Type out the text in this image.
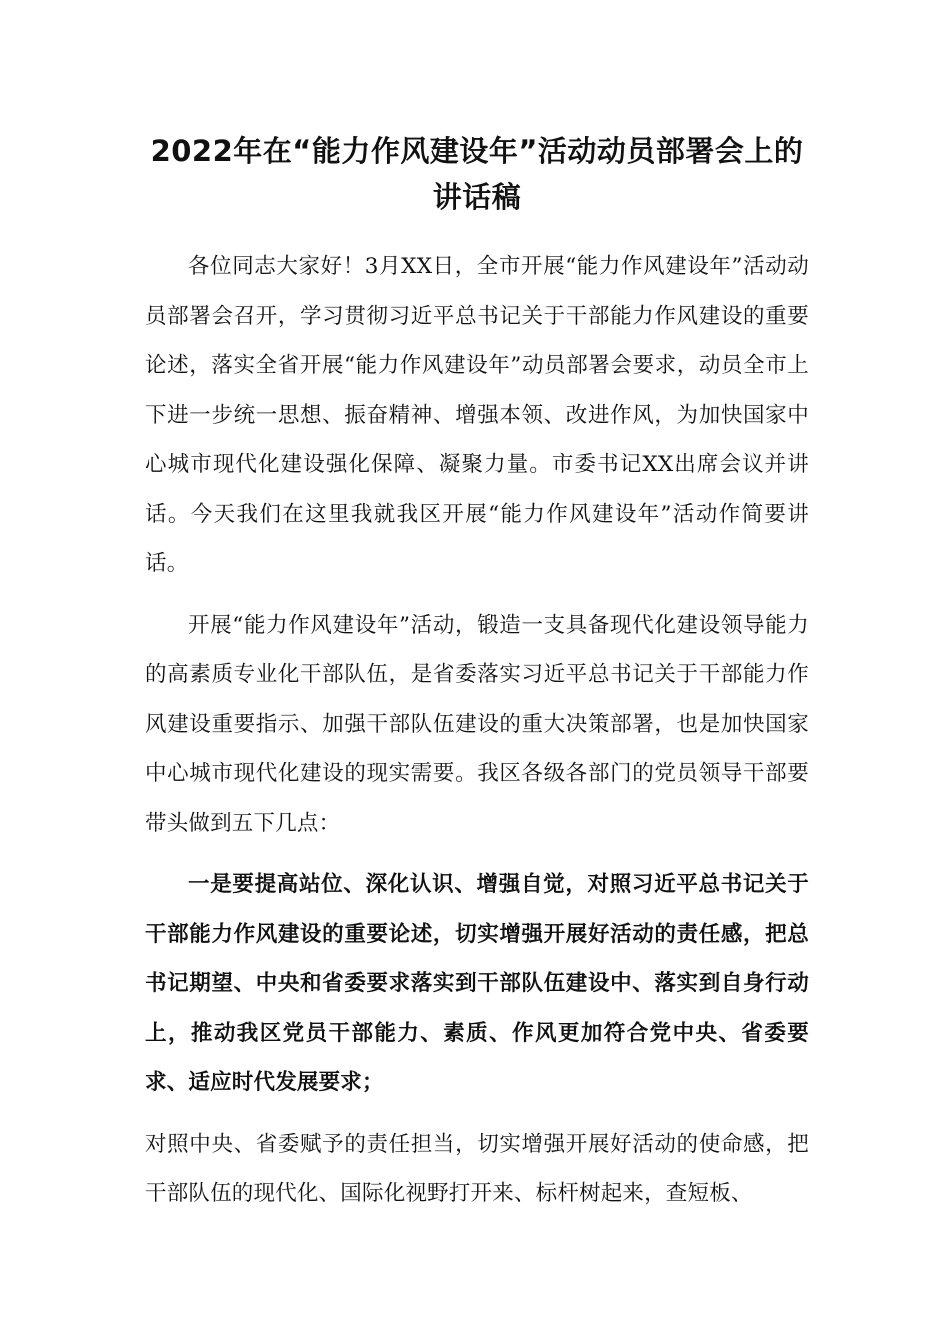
2022年在“能力作风建设年”活动动员部署会上的
讲话稿

各位同志大家好！3月XX日，全市开展“能力作风建设年”活动动员部署会召开，学习贯彻习近平总书记关于干部能力作风建设的重要论述，落实全省开展“能力作风建设年”动员部署会要求，动员全市上下进一步统一思想、振奋精神、增强本领、改进作风，为加快国家中心城市现代化建设强化保障、凝聚力量。市委书记XX出席会议并讲话。今天我们在这里我就我区开展“能力作风建设年”活动作简要讲话。

开展“能力作风建设年”活动，锻造一支具备现代化建设领导能力的高素质专业化干部队伍，是省委落实习近平总书记关于干部能力作风建设重要指示、加强干部队伍建设的重大决策部署，也是加快国家中心城市现代化建设的现实需要。我区各级各部门的党员领导干部要带头做到五下几点：

一是要提高站位、深化认识、增强自觉，对照习近平总书记关于干部能力作风建设的重要论述，切实增强开展好活动的责任感，把总书记期望、中央和省委要求落实到干部队伍建设中、落实到自身行动上，推动我区党员干部能力、素质、作风更加符合党中央、省委要求、适应时代发展要求；

对照中央、省委赋予的责任担当，切实增强开展好活动的使命感，把干部队伍的现代化、国际化视野打开来、标杆树起来，查短板、
